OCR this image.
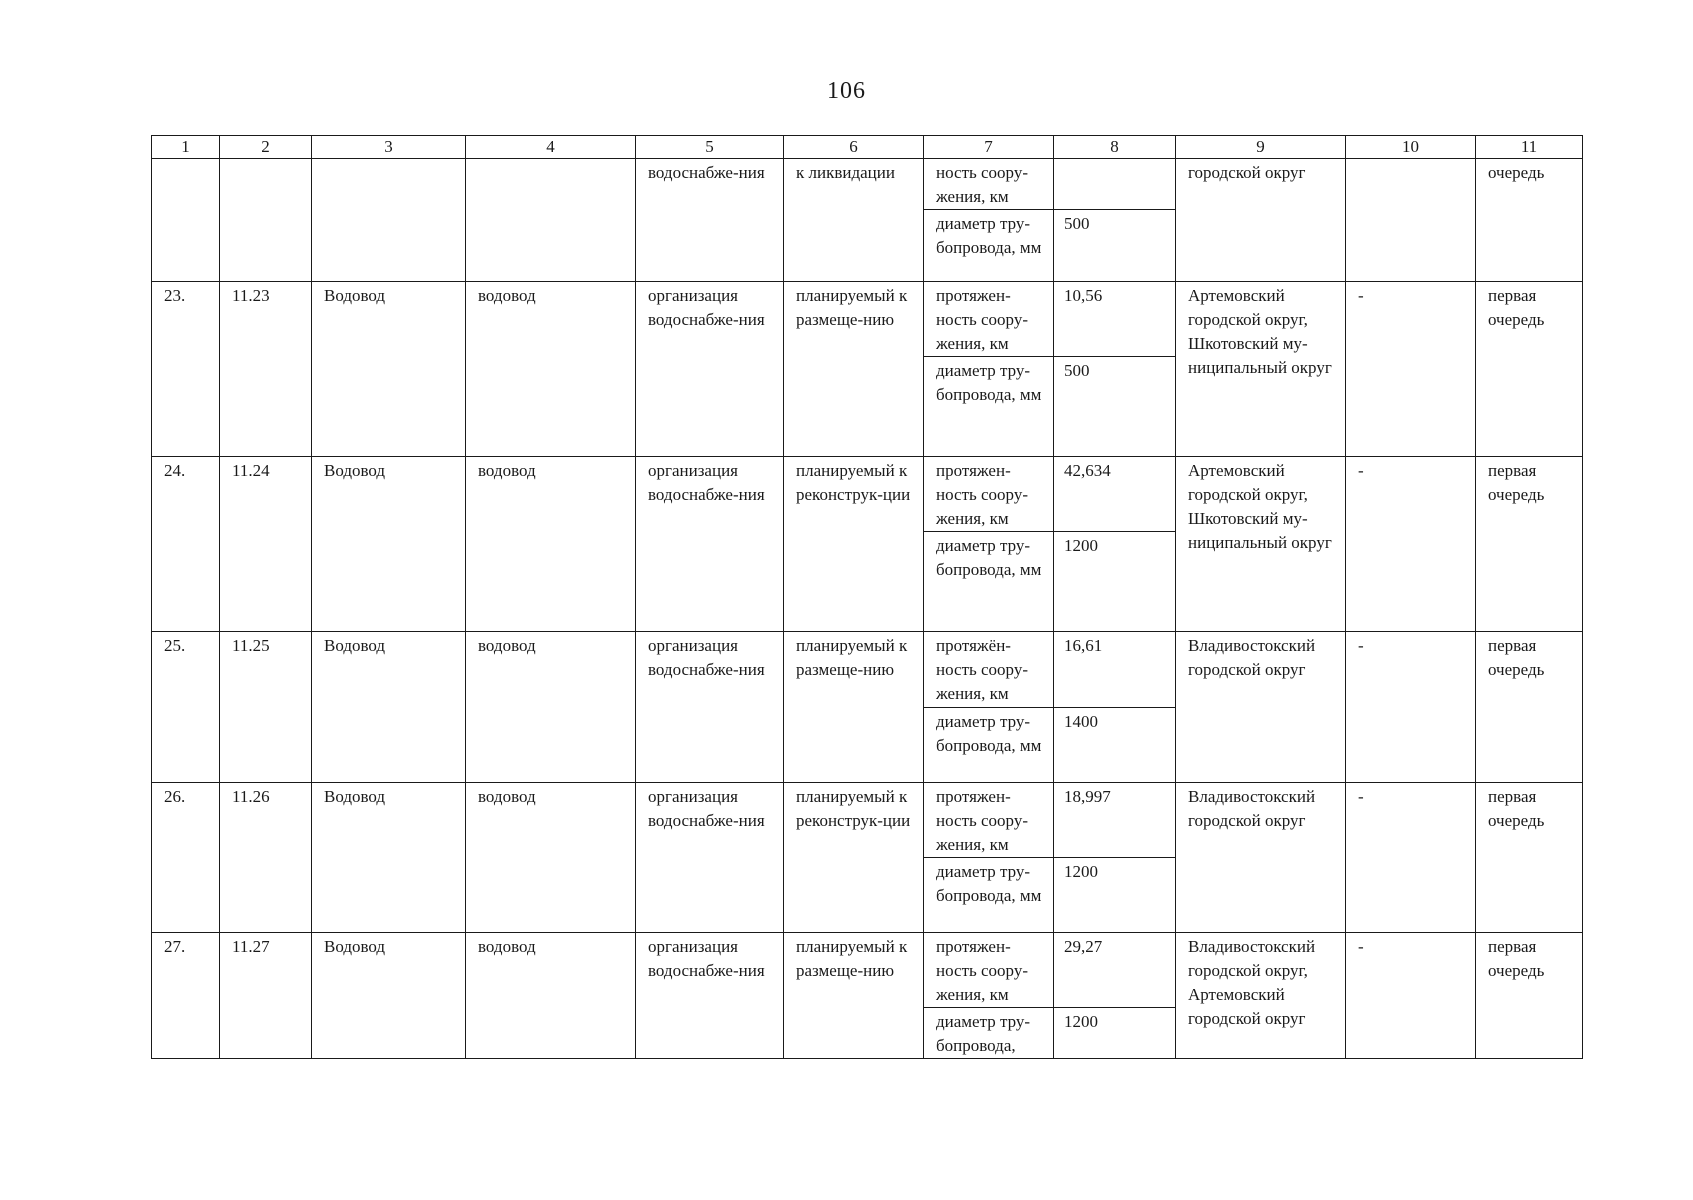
106
1	2	3	4	5	6	7	8	9	10	11
				водоснабже-ния	к ликвидации	ность соору-жения, км		городской округ		очередь
						диаметр тру-бопровода, мм	500			
23.	11.23	Водовод	водовод	организация водоснабже-ния	планируемый к размеще-нию	протяжен-ность соору-жения, км	10,56	Артемовский городской округ, Шкотовский му-ниципальный округ	-	первая очередь
						диаметр тру-бопровода, мм	500			
24.	11.24	Водовод	водовод	организация водоснабже-ния	планируемый к реконструк-ции	протяжен-ность соору-жения, км	42,634	Артемовский городской округ, Шкотовский му-ниципальный округ	-	первая очередь
						диаметр тру-бопровода, мм	1200			
25.	11.25	Водовод	водовод	организация водоснабже-ния	планируемый к размеще-нию	протяжён-ность соору-жения, км	16,61	Владивостокский городской округ	-	первая очередь
						диаметр тру-бопровода, мм	1400			
26.	11.26	Водовод	водовод	организация водоснабже-ния	планируемый к реконструк-ции	протяжен-ность соору-жения, км	18,997	Владивостокский городской округ	-	первая очередь
						диаметр тру-бопровода, мм	1200			
27.	11.27	Водовод	водовод	организация водоснабже-ния	планируемый к размеще-нию	протяжен-ность соору-жения, км	29,27	Владивостокский городской округ, Артемовский городской округ	-	первая очередь
						диаметр тру-бопровода,	1200			
